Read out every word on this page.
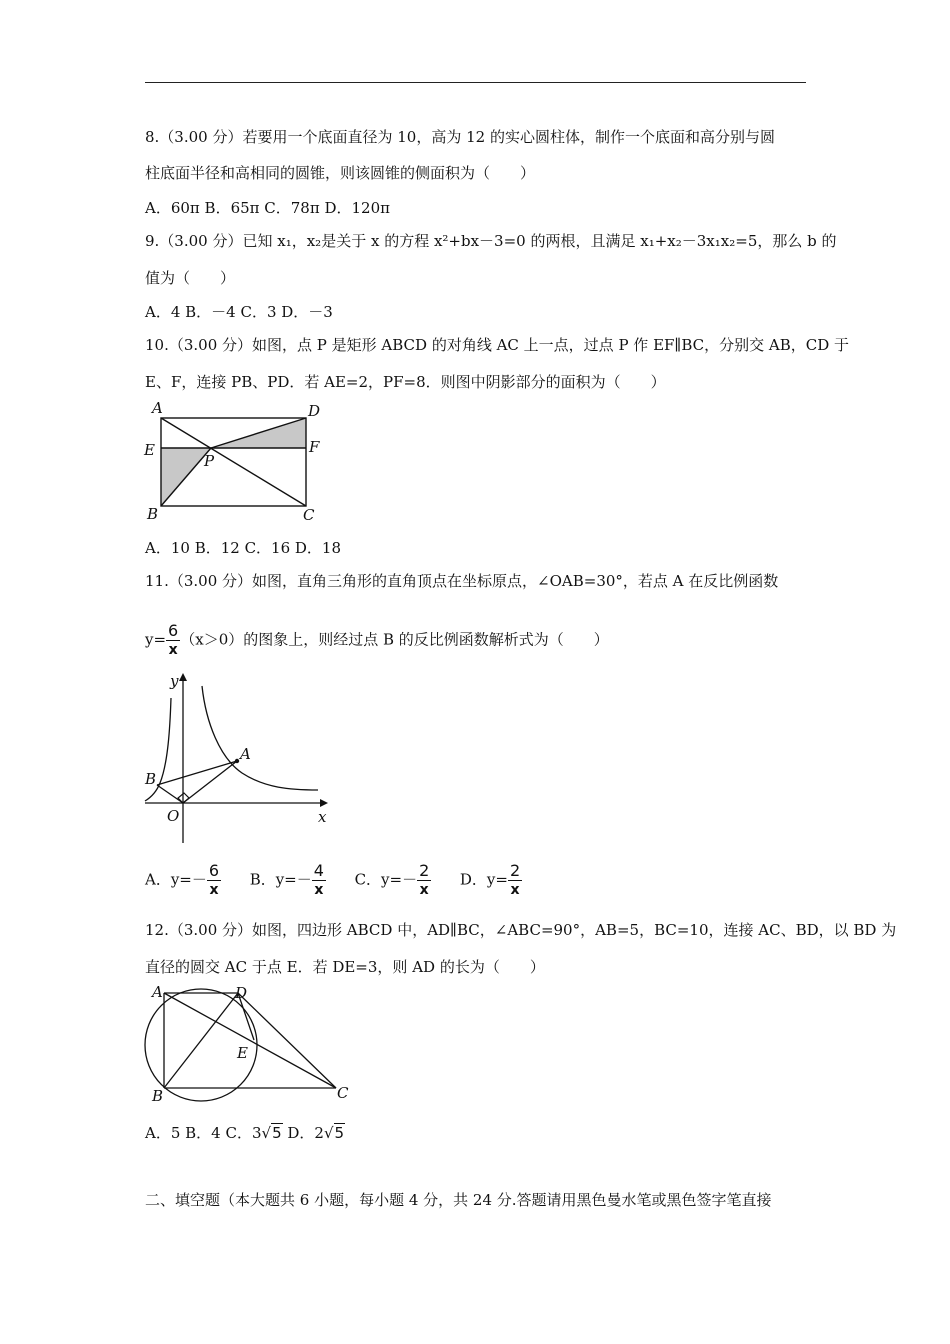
8.（3.00 分）若要用一个底面直径为 10，高为 12 的实心圆柱体，制作一个底面和高分别与圆
柱底面半径和高相同的圆锥，则该圆锥的侧面积为（　　）
A．60π B．65π C．78π D．120π
9.（3.00 分）已知 x₁，x₂是关于 x 的方程 x²+bx－3=0 的两根，且满足 x₁+x₂－3x₁x₂=5，那么 b 的
值为（　　）
A．4 B．－4 C．3 D．－3
10.（3.00 分）如图，点 P 是矩形 ABCD 的对角线 AC 上一点，过点 P 作 EF∥BC，分别交 AB，CD 于
E、F，连接 PB、PD．若 AE=2，PF=8．则图中阴影部分的面积为（　　）
A	D
E
P
F
B	C
A．10 B．12 C．16 D．18
11.（3.00 分）如图，直角三角形的直角顶点在坐标原点，∠OAB=30°，若点 A 在反比例函数
$y= \frac{6}{x} (x>0)$的图象上，则经过点 B 的反比例函数解析式为（　　）
y
A
B
O	x
A．$y=- \frac{6}{x}$ B．$y=- \frac{4}{x}$ C．$y=- \frac{2}{x}$ D．$y= \frac{2}{x}$
12.（3.00 分）如图，四边形 ABCD 中，AD∥BC，∠ABC=90°，AB=5，BC=10，连接 AC、BD，以 BD 为
直径的圆交 AC 于点 E．若 DE=3，则 AD 的长为（　　）
A	D
E
B	C
A．5 B．4 C．3√5 D．2√5
二、填空题（本大题共 6 小题，每小题 4 分，共 24 分.答题请用黑色曼水笔或黑色签字笔直接
